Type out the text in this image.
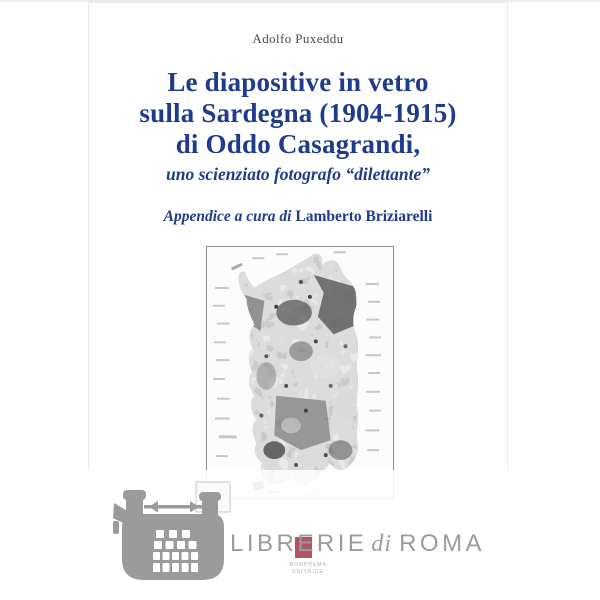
Adolfo Puxeddu
Le diapositive in vetro
sulla Sardegna (1904-1915)
di Oddo Casagrandi,
uno scienziato fotografo “dilettante”
Appendice a cura di Lamberto Briziarelli
LIBR E RIE di ROMA
MORPHEMA
EDITRICE
